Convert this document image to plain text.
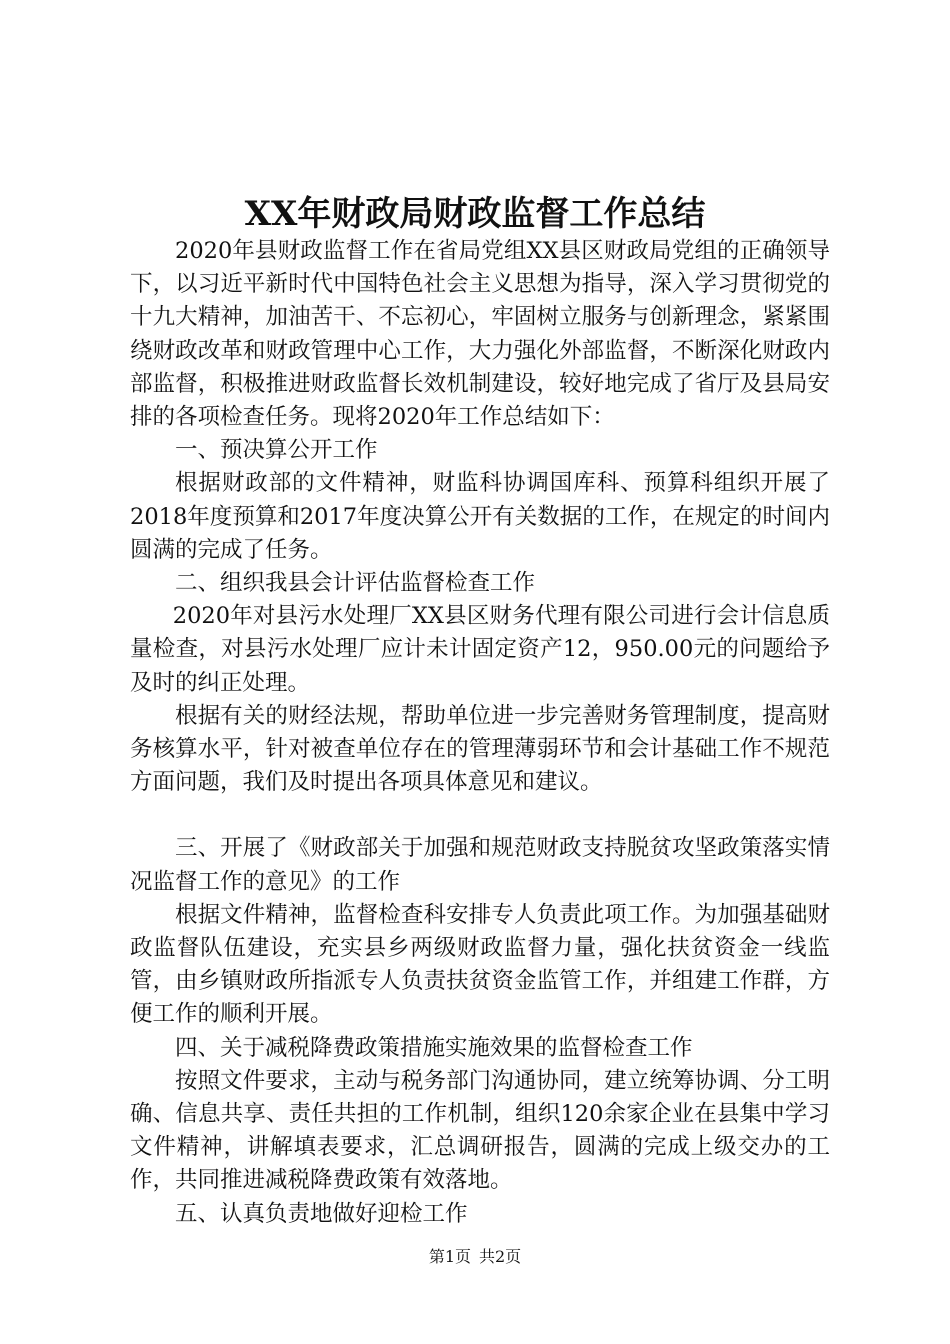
XX年财政局财政监督工作总结

2020年县财政监督工作在省局党组XX县区财政局党组的正确领导下，以习近平新时代中国特色社会主义思想为指导，深入学习贯彻党的十九大精神，加油苦干、不忘初心，牢固树立服务与创新理念，紧紧围绕财政改革和财政管理中心工作，大力强化外部监督，不断深化财政内部监督，积极推进财政监督长效机制建设，较好地完成了省厅及县局安排的各项检查任务。现将2020年工作总结如下：

一、预决算公开工作

根据财政部的文件精神，财监科协调国库科、预算科组织开展了2018年度预算和2017年度决算公开有关数据的工作，在规定的时间内圆满的完成了任务。

二、组织我县会计评估监督检查工作

2020年对县污水处理厂XX县区财务代理有限公司进行会计信息质量检查，对县污水处理厂应计未计固定资产12，950.00元的问题给予及时的纠正处理。

根据有关的财经法规，帮助单位进一步完善财务管理制度，提高财务核算水平，针对被查单位存在的管理薄弱环节和会计基础工作不规范方面问题，我们及时提出各项具体意见和建议。

三、开展了《财政部关于加强和规范财政支持脱贫攻坚政策落实情况监督工作的意见》的工作

根据文件精神，监督检查科安排专人负责此项工作。为加强基础财政监督队伍建设，充实县乡两级财政监督力量，强化扶贫资金一线监管，由乡镇财政所指派专人负责扶贫资金监管工作，并组建工作群，方便工作的顺利开展。

四、关于减税降费政策措施实施效果的监督检查工作

按照文件要求，主动与税务部门沟通协同，建立统筹协调、分工明确、信息共享、责任共担的工作机制，组织120余家企业在县集中学习文件精神，讲解填表要求，汇总调研报告，圆满的完成上级交办的工作，共同推进减税降费政策有效落地。

五、认真负责地做好迎检工作

第1页 共2页
